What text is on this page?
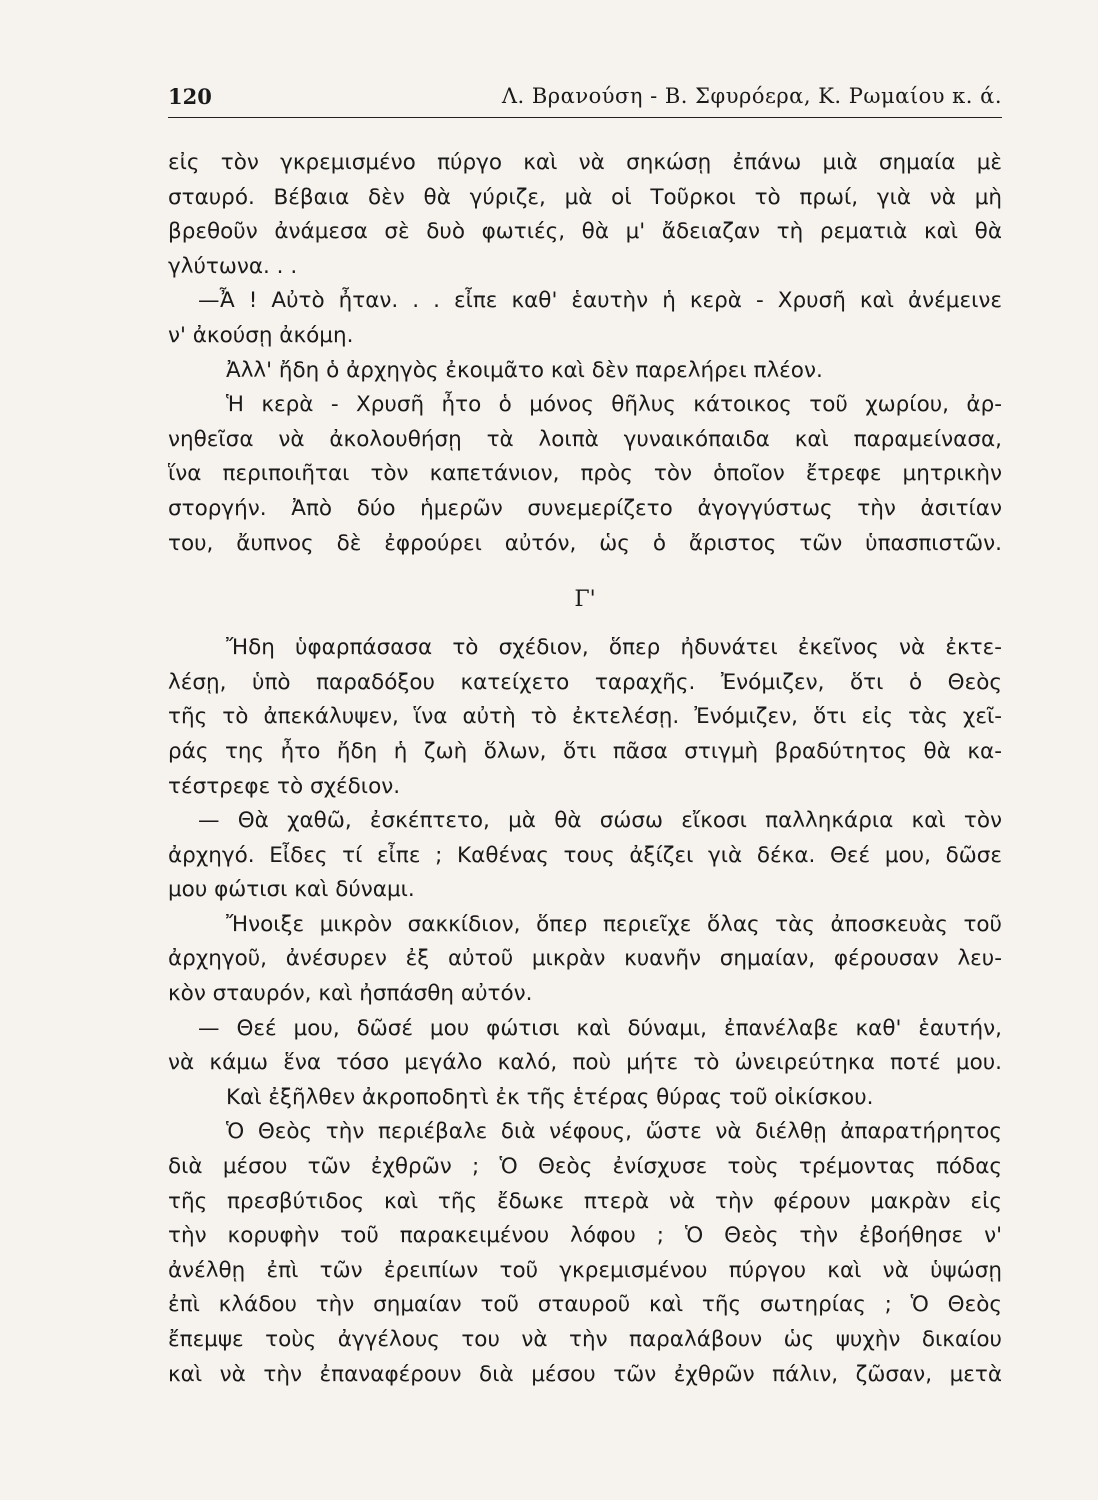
120	Λ. Βρανούση - Β. Σφυρόερα, Κ. Ρωμαίου κ. ά.
εἰς τὸν γκρεμισμένο πύργο καὶ νὰ σηκώσῃ ἐπάνω μιὰ σημαία μὲ
σταυρό. Βέβαια δὲν θὰ γύριζε, μὰ οἱ Τοῦρκοι τὸ πρωί, γιὰ νὰ μὴ
βρεθοῦν ἀνάμεσα σὲ δυὸ φωτιές, θὰ μ' ἄδειαζαν τὴ ρεματιὰ καὶ θὰ
γλύτωνα. . .
—Ἆ ! Αὐτὸ ἦταν. . . εἶπε καθ' ἑαυτὴν ἡ κερὰ - Χρυσῆ καὶ ἀνέμεινε
ν' ἀκούσῃ ἀκόμη.
Ἀλλ' ἤδη ὁ ἀρχηγὸς ἐκοιμᾶτο καὶ δὲν παρελήρει πλέον.
Ἡ κερὰ - Χρυσῆ ἦτο ὁ μόνος θῆλυς κάτοικος τοῦ χωρίου, ἀρ-
νηθεῖσα νὰ ἀκολουθήσῃ τὰ λοιπὰ γυναικόπαιδα καὶ παραμείνασα,
ἵνα περιποιῆται τὸν καπετάνιον, πρὸς τὸν ὁποῖον ἔτρεφε μητρικὴν
στοργήν. Ἀπὸ δύο ἡμερῶν συνεμερίζετο ἀγογγύστως τὴν ἀσιτίαν
του, ἄυπνος δὲ ἐφρούρει αὐτόν, ὡς ὁ ἄριστος τῶν ὑπασπιστῶν.
Γ'
Ἤδη ὑφαρπάσασα τὸ σχέδιον, ὅπερ ἠδυνάτει ἐκεῖνος νὰ ἐκτε-
λέσῃ, ὑπὸ παραδόξου κατείχετο ταραχῆς. Ἐνόμιζεν, ὅτι ὁ Θεὸς
τῆς τὸ ἀπεκάλυψεν, ἵνα αὐτὴ τὸ ἐκτελέσῃ. Ἐνόμιζεν, ὅτι εἰς τὰς χεῖ-
ράς της ἦτο ἤδη ἡ ζωὴ ὅλων, ὅτι πᾶσα στιγμὴ βραδύτητος θὰ κα-
τέστρεφε τὸ σχέδιον.
— Θὰ χαθῶ, ἐσκέπτετο, μὰ θὰ σώσω εἴκοσι παλληκάρια καὶ τὸν
ἀρχηγό. Εἶδες τί εἶπε ; Καθένας τους ἀξίζει γιὰ δέκα. Θεέ μου, δῶσε
μου φώτισι καὶ δύναμι.
Ἤνοιξε μικρὸν σακκίδιον, ὅπερ περιεῖχε ὅλας τὰς ἀποσκευὰς τοῦ
ἀρχηγοῦ, ἀνέσυρεν ἐξ αὐτοῦ μικρὰν κυανῆν σημαίαν, φέρουσαν λευ-
κὸν σταυρόν, καὶ ἠσπάσθη αὐτόν.
— Θεέ μου, δῶσέ μου φώτισι καὶ δύναμι, ἐπανέλαβε καθ' ἑαυτήν,
νὰ κάμω ἕνα τόσο μεγάλο καλό, ποὺ μήτε τὸ ὠνειρεύτηκα ποτέ μου.
Καὶ ἐξῆλθεν ἀκροποδητὶ ἐκ τῆς ἑτέρας θύρας τοῦ οἰκίσκου.
Ὁ Θεὸς τὴν περιέβαλε διὰ νέφους, ὥστε νὰ διέλθῃ ἀπαρατήρητος
διὰ μέσου τῶν ἐχθρῶν ; Ὁ Θεὸς ἐνίσχυσε τοὺς τρέμοντας πόδας
τῆς πρεσβύτιδος καὶ τῆς ἔδωκε πτερὰ νὰ τὴν φέρουν μακρὰν εἰς
τὴν κορυφὴν τοῦ παρακειμένου λόφου ; Ὁ Θεὸς τὴν ἐβοήθησε ν'
ἀνέλθῃ ἐπὶ τῶν ἐρειπίων τοῦ γκρεμισμένου πύργου καὶ νὰ ὑψώσῃ
ἐπὶ κλάδου τὴν σημαίαν τοῦ σταυροῦ καὶ τῆς σωτηρίας ; Ὁ Θεὸς
ἔπεμψε τοὺς ἀγγέλους του νὰ τὴν παραλάβουν ὡς ψυχὴν δικαίου
καὶ νὰ τὴν ἐπαναφέρουν διὰ μέσου τῶν ἐχθρῶν πάλιν, ζῶσαν, μετὰ
